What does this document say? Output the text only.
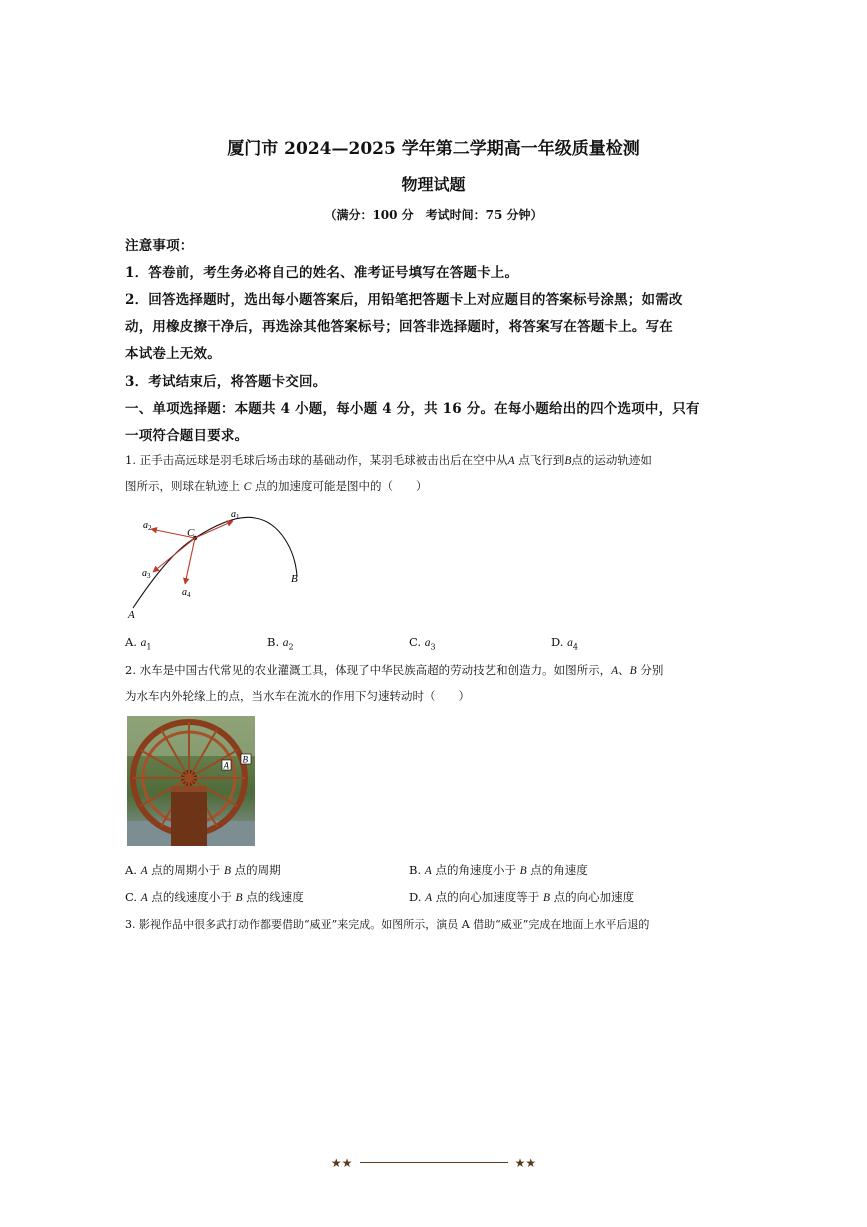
厦门市 2024—2025 学年第二学期高一年级质量检测
物理试题
（满分：100 分　考试时间：75 分钟）
注意事项：
1．答卷前，考生务必将自己的姓名、准考证号填写在答题卡上。
2．回答选择题时，选出每小题答案后，用铅笔把答题卡上对应题目的答案标号涂黑；如需改
动，用橡皮擦干净后，再选涂其他答案标号；回答非选择题时，将答案写在答题卡上。写在
本试卷上无效。
3．考试结束后，将答题卡交回。
一、单项选择题：本题共 4 小题，每小题 4 分，共 16 分。在每小题给出的四个选项中，只有
一项符合题目要求。
1. 正手击高远球是羽毛球后场击球的基础动作，某羽毛球被击出后在空中从A 点飞行到B点的运动轨迹如
图所示，则球在轨迹上 C 点的加速度可能是图中的（　　）
C
A
B
$a_1$
$a_2$
$a_3$
$a_4$
A. $a_1$	B. $a_2$	C. $a_3$	D. $a_4$
2. 水车是中国古代常见的农业灌溉工具，体现了中华民族高超的劳动技艺和创造力。如图所示，A、B 分别
为水车内外轮缘上的点，当水车在流水的作用下匀速转动时（　　）
A
B
A. A 点的周期小于 B 点的周期	B. A 点的角速度小于 B 点的角速度
C. A 点的线速度小于 B 点的线速度	D. A 点的向心加速度等于 B 点的向心加速度
3. 影视作品中很多武打动作都要借助“威亚”来完成。如图所示，演员 A 借助“威亚”完成在地面上水平后退的
★★	★★
